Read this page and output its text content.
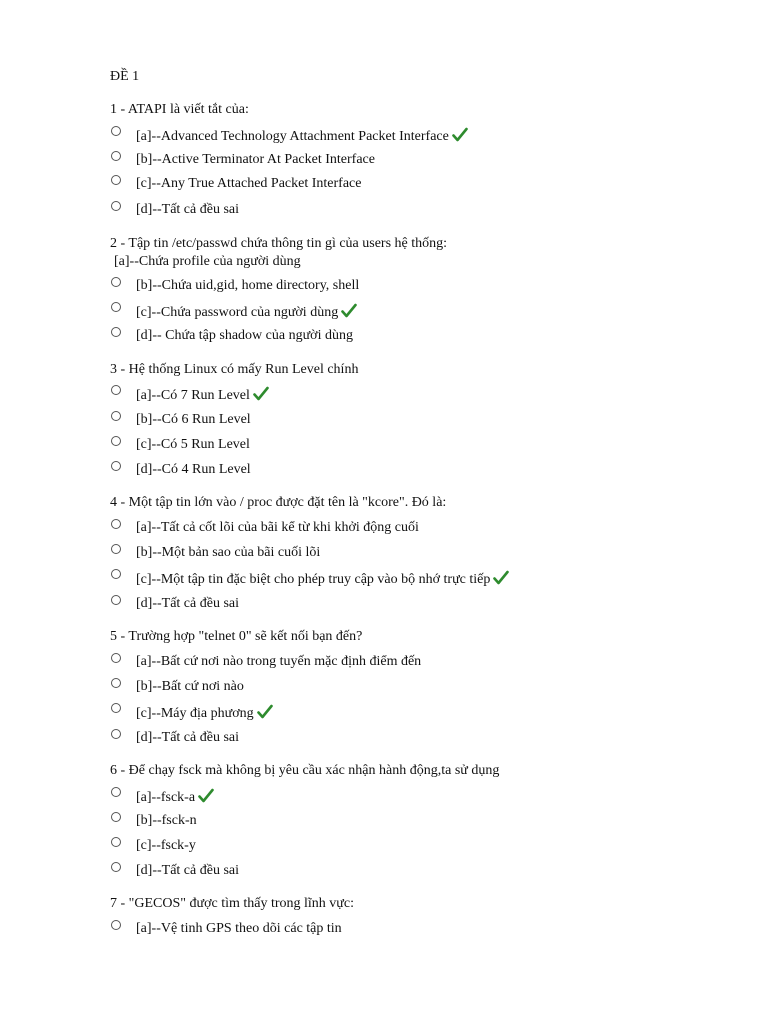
ĐỀ 1
1 - ATAPI là viết tắt của:
[a]--Advanced Technology Attachment Packet Interface
[b]--Active Terminator At Packet Interface
[c]--Any True Attached Packet Interface
[d]--Tất cả đều sai
2 - Tập tin /etc/passwd chứa thông tin gì của users hệ thống:
[a]--Chứa profile của người dùng
[b]--Chứa uid,gid, home directory, shell
[c]--Chứa password của người dùng
[d]-- Chứa tập shadow của người dùng
3 - Hệ thống Linux có mấy Run Level chính
[a]--Có 7 Run Level
[b]--Có 6 Run Level
[c]--Có 5 Run Level
[d]--Có 4 Run Level
4 - Một tập tin lớn vào / proc được đặt tên là "kcore". Đó là:
[a]--Tất cả cốt lõi của bãi kể từ khi khởi động cuối
[b]--Một bản sao của bãi cuối lõi
[c]--Một tập tin đặc biệt cho phép truy cập vào bộ nhớ trực tiếp
[d]--Tất cả đều sai
5 - Trường hợp "telnet 0" sẽ kết nối bạn đến?
[a]--Bất cứ nơi nào trong tuyến mặc định điểm đến
[b]--Bất cứ nơi nào
[c]--Máy địa phương
[d]--Tất cả đều sai
6 - Để chạy fsck mà không bị yêu cầu xác nhận hành động,ta sử dụng
[a]--fsck-a
[b]--fsck-n
[c]--fsck-y
[d]--Tất cả đều sai
7 - "GECOS" được tìm thấy trong lĩnh vực:
[a]--Vệ tinh GPS theo dõi các tập tin
